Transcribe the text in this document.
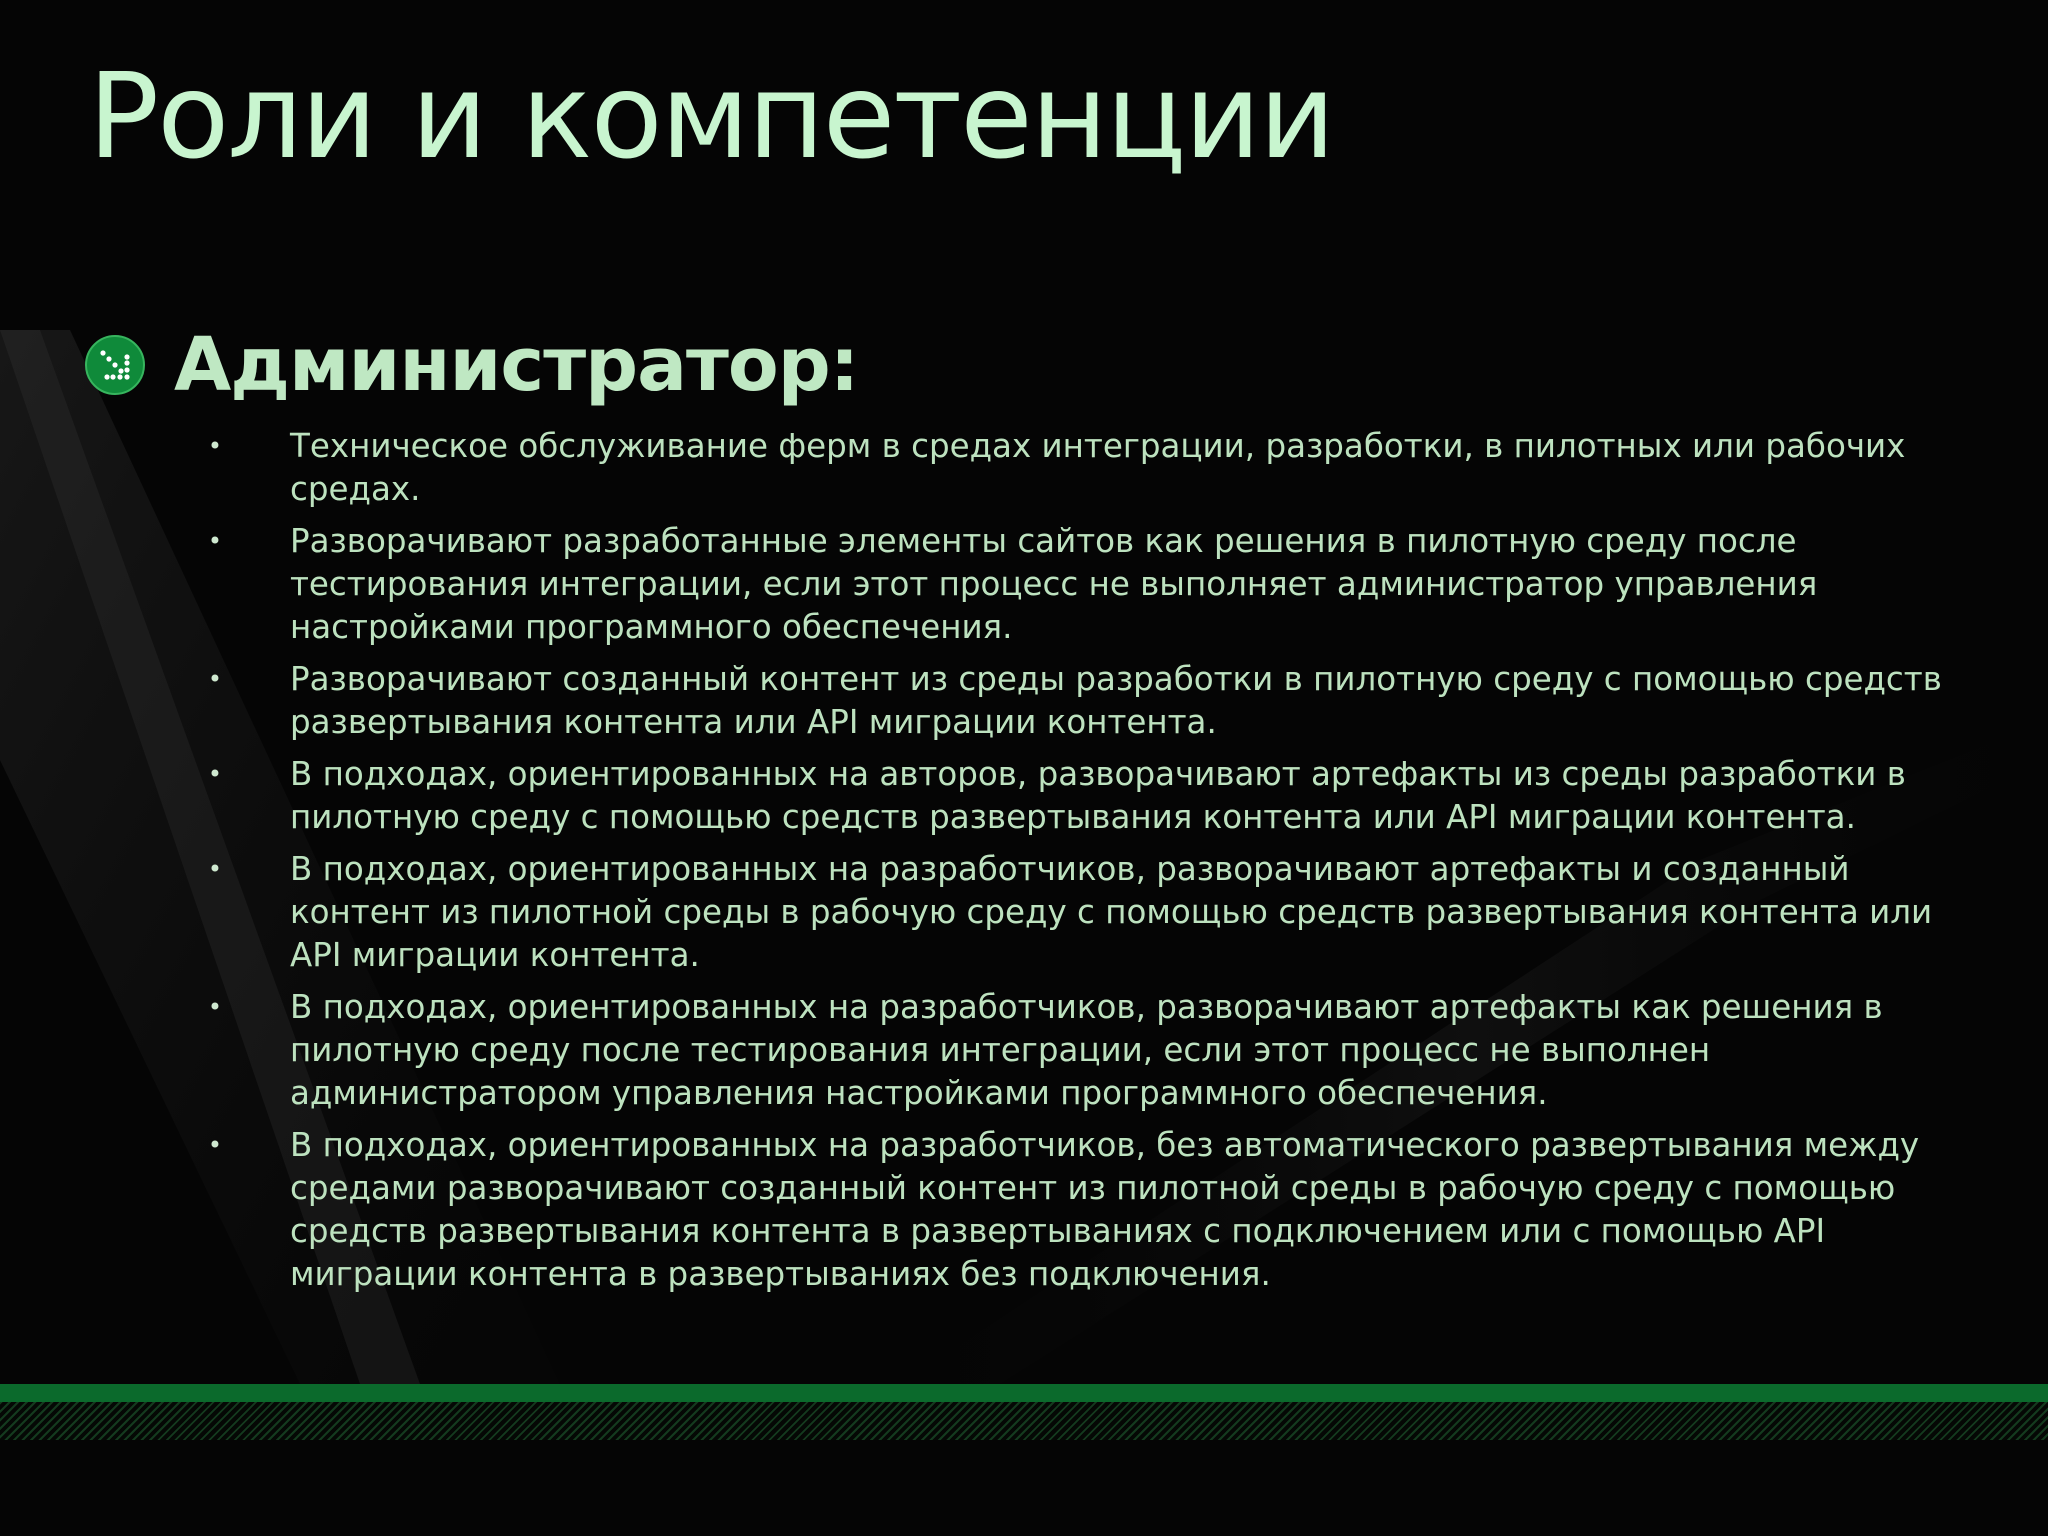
Роли и компетенции
Администратор:
• Техническое обслуживание ферм в средах интеграции, разработки, в пилотных или рабочих средах.
• Разворачивают разработанные элементы сайтов как решения в пилотную среду после тестирования интеграции, если этот процесс не выполняет администратор управления настройками программного обеспечения.
• Разворачивают созданный контент из среды разработки в пилотную среду с помощью средств развертывания контента или API миграции контента.
• В подходах, ориентированных на авторов, разворачивают артефакты из среды разработки в пилотную среду с помощью средств развертывания контента или API миграции контента.
• В подходах, ориентированных на разработчиков, разворачивают артефакты и созданный контент из пилотной среды в рабочую среду с помощью средств развертывания контента или API миграции контента.
• В подходах, ориентированных на разработчиков, разворачивают артефакты как решения в пилотную среду после тестирования интеграции, если этот процесс не выполнен администратором управления настройками программного обеспечения.
• В подходах, ориентированных на разработчиков, без автоматического развертывания между средами разворачивают созданный контент из пилотной среды в рабочую среду с помощью средств развертывания контента в развертываниях с подключением или с помощью API миграции контента в развертываниях без подключения.
